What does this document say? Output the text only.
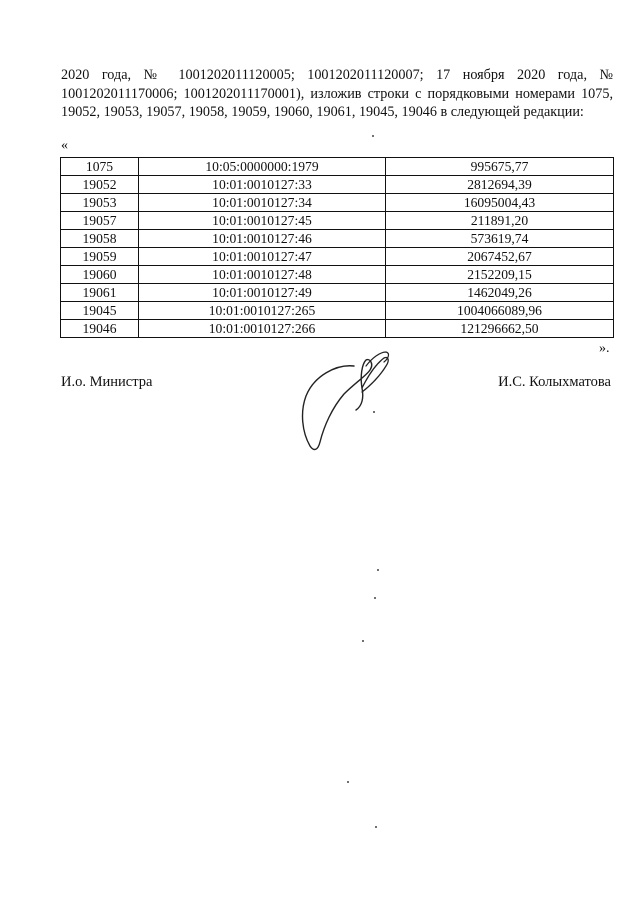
2020 года, № 1001202011120005; 1001202011120007; 17 ноября 2020 года, № 1001202011170006; 1001202011170001), изложив строки с порядковыми номерами 1075, 19052, 19053, 19057, 19058, 19059, 19060, 19061, 19045, 19046 в следующей редакции:
«
1075	10:05:0000000:1979	995675,77
19052	10:01:0010127:33	2812694,39
19053	10:01:0010127:34	16095004,43
19057	10:01:0010127:45	211891,20
19058	10:01:0010127:46	573619,74
19059	10:01:0010127:47	2067452,67
19060	10:01:0010127:48	2152209,15
19061	10:01:0010127:49	1462049,26
19045	10:01:0010127:265	1004066089,96
19046	10:01:0010127:266	121296662,50
».
И.о. Министра	И.С. Колыхматова
